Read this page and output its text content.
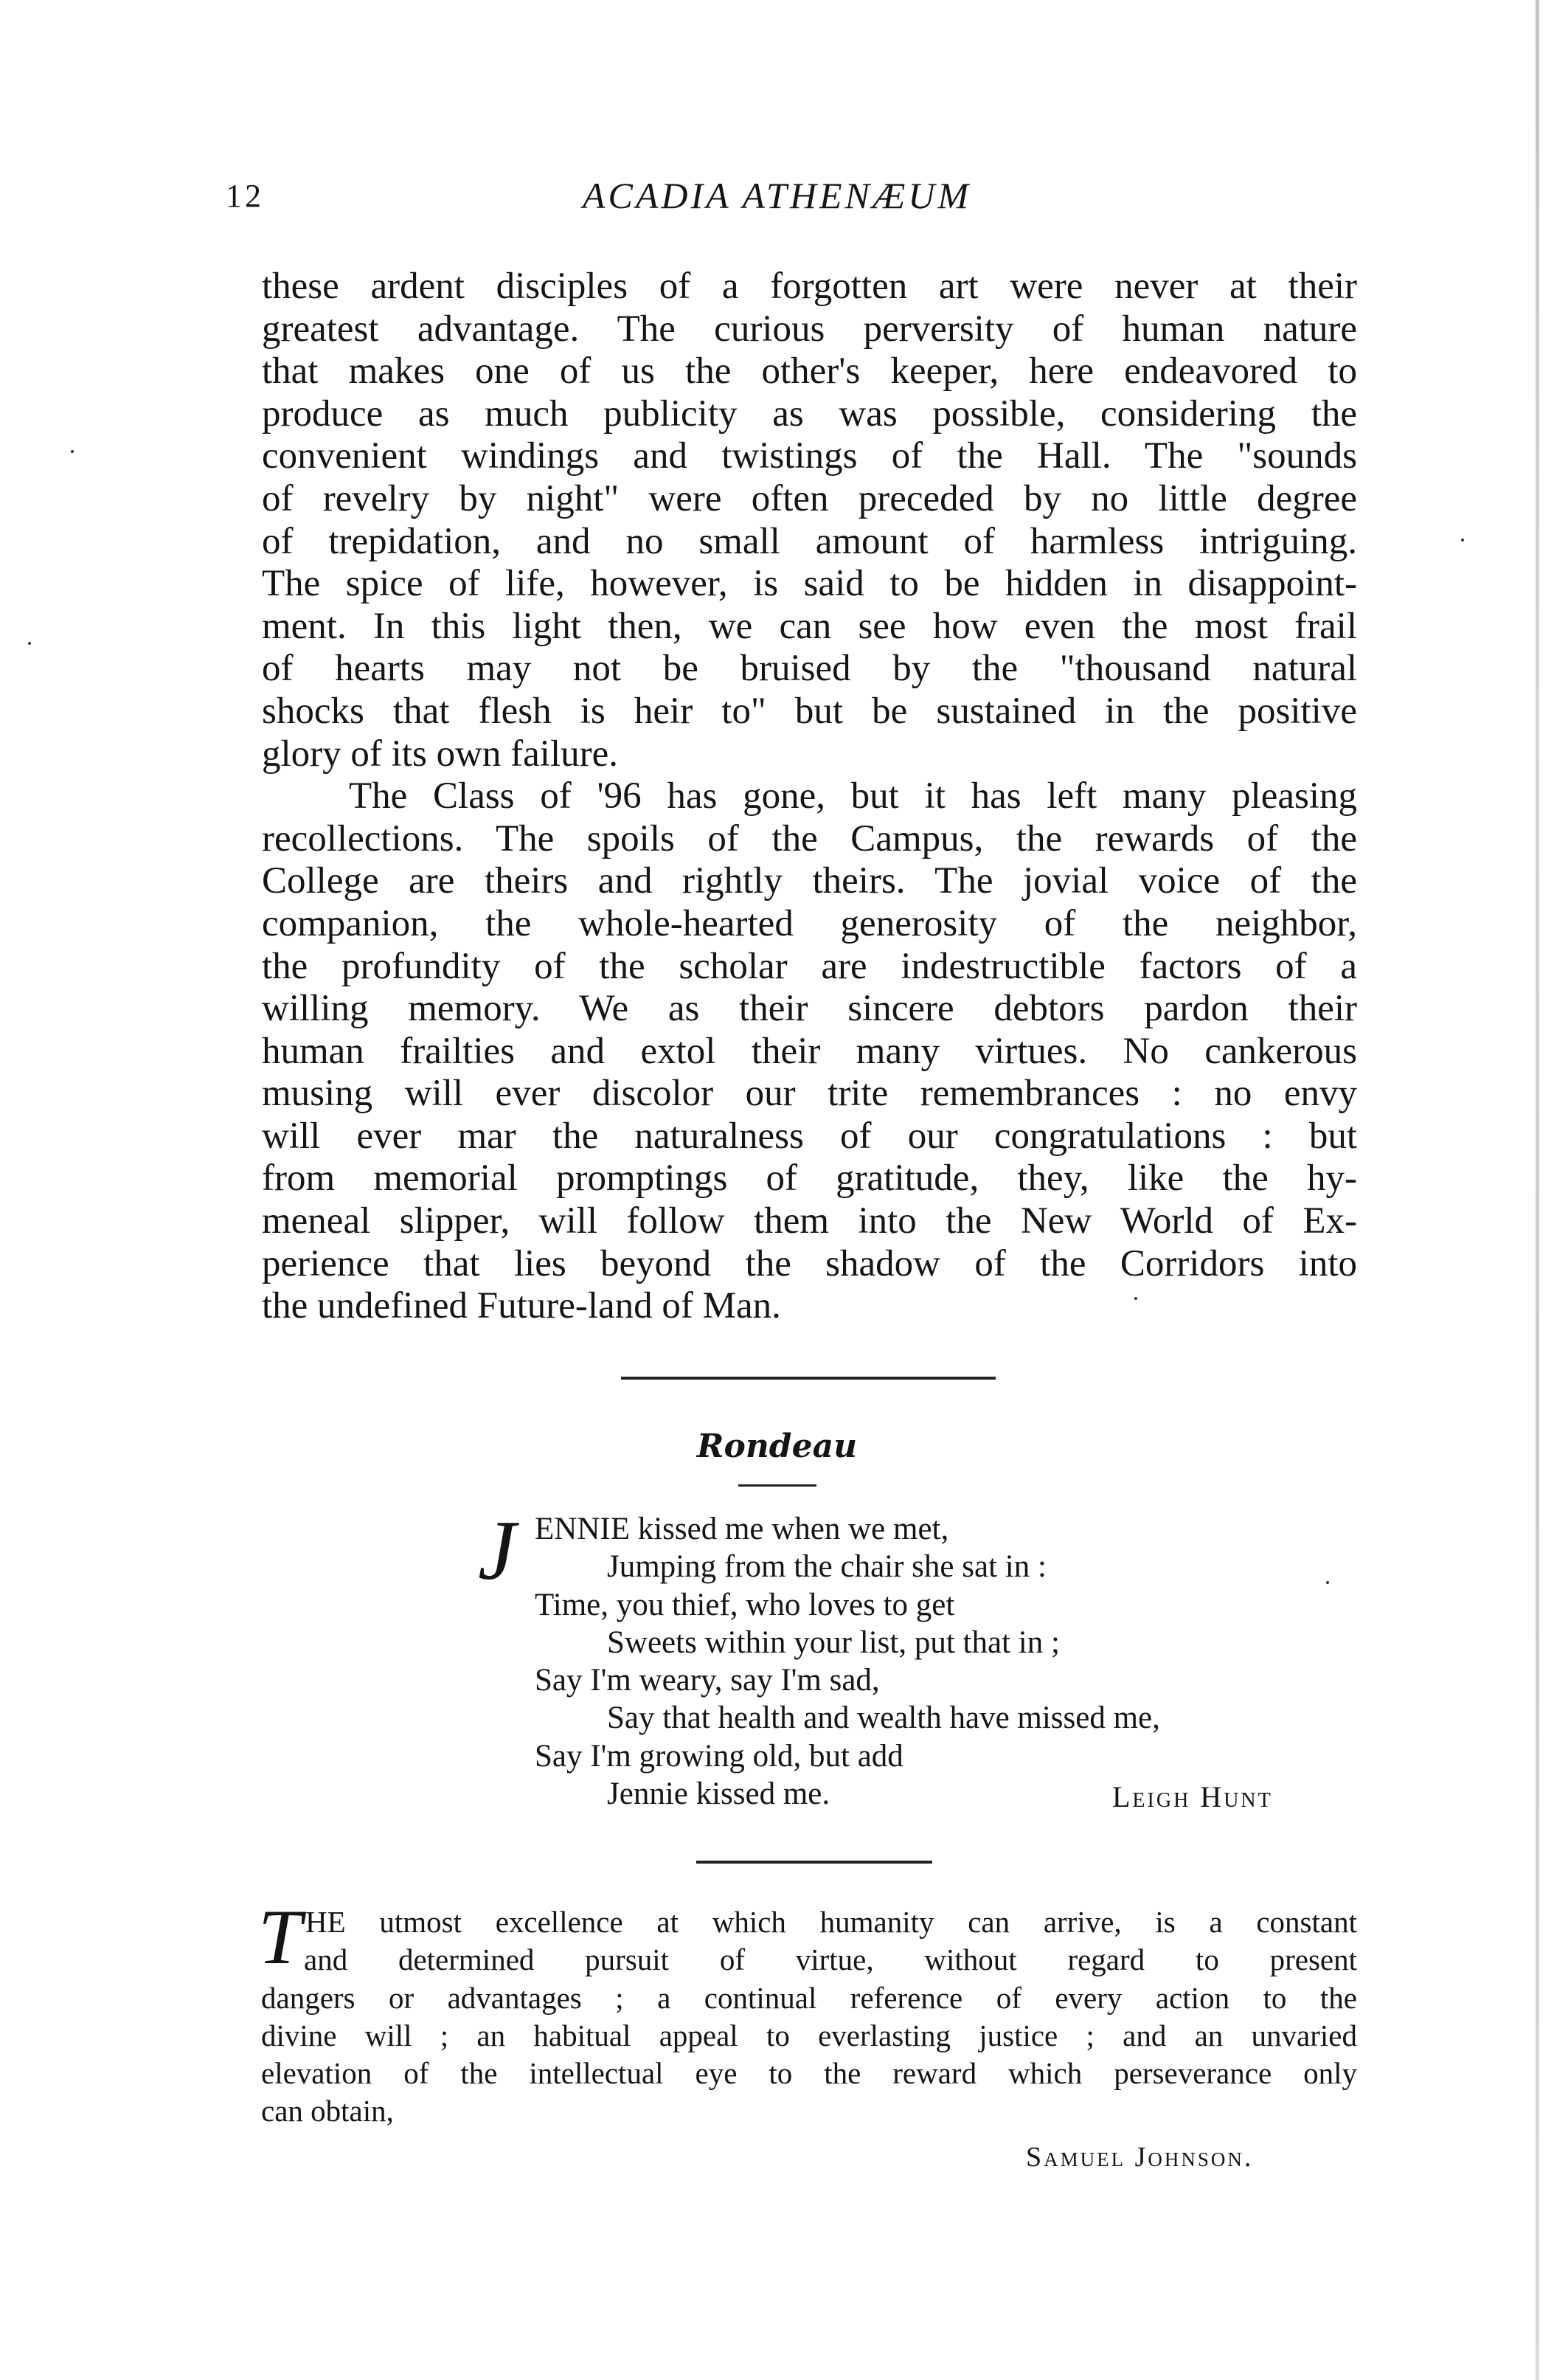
12	ACADIA ATHENÆUM
these ardent disciples of a forgotten art were never at their
greatest advantage. The curious perversity of human nature
that makes one of us the other's keeper, here endeavored to
produce as much publicity as was possible, considering the
convenient windings and twistings of the Hall. The "sounds
of revelry by night" were often preceded by no little degree
of trepidation, and no small amount of harmless intriguing.
The spice of life, however, is said to be hidden in disappoint-
ment. In this light then, we can see how even the most frail
of hearts may not be bruised by the "thousand natural
shocks that flesh is heir to" but be sustained in the positive
glory of its own failure.
The Class of '96 has gone, but it has left many pleasing
recollections. The spoils of the Campus, the rewards of the
College are theirs and rightly theirs. The jovial voice of the
companion, the whole-hearted generosity of the neighbor,
the profundity of the scholar are indestructible factors of a
willing memory. We as their sincere debtors pardon their
human frailties and extol their many virtues. No cankerous
musing will ever discolor our trite remembrances : no envy
will ever mar the naturalness of our congratulations : but
from memorial promptings of gratitude, they, like the hy-
meneal slipper, will follow them into the New World of Ex-
perience that lies beyond the shadow of the Corridors into
the undefined Future-land of Man.
Rondeau
J ENNIE kissed me when we met,
Jumping from the chair she sat in :
Time, you thief, who loves to get
Sweets within your list, put that in ;
Say I'm weary, say I'm sad,
Say that health and wealth have missed me,
Say I'm growing old, but add
Jennie kissed me.	Leigh Hunt
T HE utmost excellence at which humanity can arrive, is a constant
and determined pursuit of virtue, without regard to present
dangers or advantages ; a continual reference of every action to the
divine will ; an habitual appeal to everlasting justice ; and an unvaried
elevation of the intellectual eye to the reward which perseverance only
can obtain,
Samuel Johnson.
